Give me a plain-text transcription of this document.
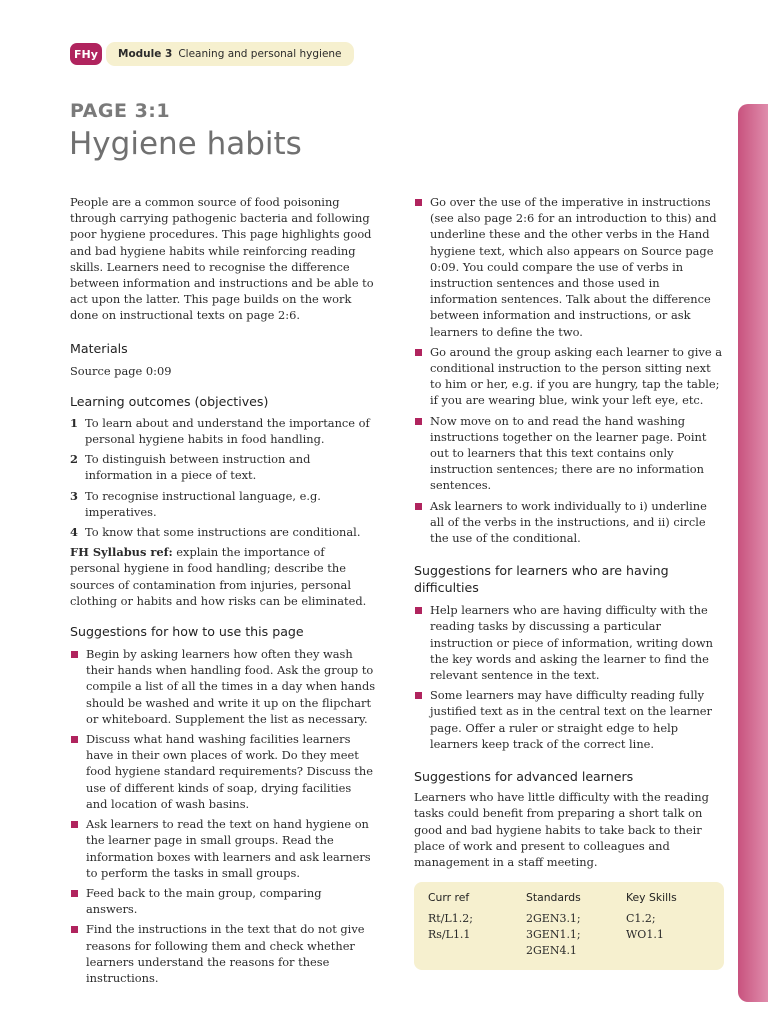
FHy	Module 3 Cleaning and personal hygiene
PAGE 3:1
Hygiene habits

People are a common source of food poisoning through carrying pathogenic bacteria and following poor hygiene procedures. This page highlights good and bad hygiene habits while reinforcing reading skills. Learners need to recognise the difference between information and instructions and be able to act upon the latter. This page builds on the work done on instructional texts on page 2:6.

Materials

Source page 0:09

Learning outcomes (objectives)
1 To learn about and understand the importance of personal hygiene habits in food handling.
2 To distinguish between instruction and information in a piece of text.
3 To recognise instructional language, e.g. imperatives.
4 To know that some instructions are conditional.

FH Syllabus ref: explain the importance of personal hygiene in food handling; describe the sources of contamination from injuries, personal clothing or habits and how risks can be eliminated.

Suggestions for how to use this page
Begin by asking learners how often they wash their hands when handling food. Ask the group to compile a list of all the times in a day when hands should be washed and write it up on the flipchart or whiteboard. Supplement the list as necessary.
Discuss what hand washing facilities learners have in their own places of work. Do they meet food hygiene standard requirements? Discuss the use of different kinds of soap, drying facilities and location of wash basins.
Ask learners to read the text on hand hygiene on the learner page in small groups. Read the information boxes with learners and ask learners to perform the tasks in small groups.
Feed back to the main group, comparing answers.
Find the instructions in the text that do not give reasons for following them and check whether learners understand the reasons for these instructions.
Go over the use of the imperative in instructions (see also page 2:6 for an introduction to this) and underline these and the other verbs in the Hand hygiene text, which also appears on Source page 0:09. You could compare the use of verbs in instruction sentences and those used in information sentences. Talk about the difference between information and instructions, or ask learners to define the two.
Go around the group asking each learner to give a conditional instruction to the person sitting next to him or her, e.g. if you are hungry, tap the table; if you are wearing blue, wink your left eye, etc.
Now move on to and read the hand washing instructions together on the learner page. Point out to learners that this text contains only instruction sentences; there are no information sentences.
Ask learners to work individually to i) underline all of the verbs in the instructions, and ii) circle the use of the conditional.
Suggestions for learners who are having difficulties
Help learners who are having difficulty with the reading tasks by discussing a particular instruction or piece of information, writing down the key words and asking the learner to find the relevant sentence in the text.
Some learners may have difficulty reading fully justified text as in the central text on the learner page. Offer a ruler or straight edge to help learners keep track of the correct line.
Suggestions for advanced learners

Learners who have little difficulty with the reading tasks could benefit from preparing a short talk on good and bad hygiene habits to take back to their place of work and present to colleagues and management in a staff meeting.

Curr ref
Rt/L1.2;
Rs/L1.1
Standards
2GEN3.1;
3GEN1.1;
2GEN4.1
Key Skills
C1.2;
WO1.1
